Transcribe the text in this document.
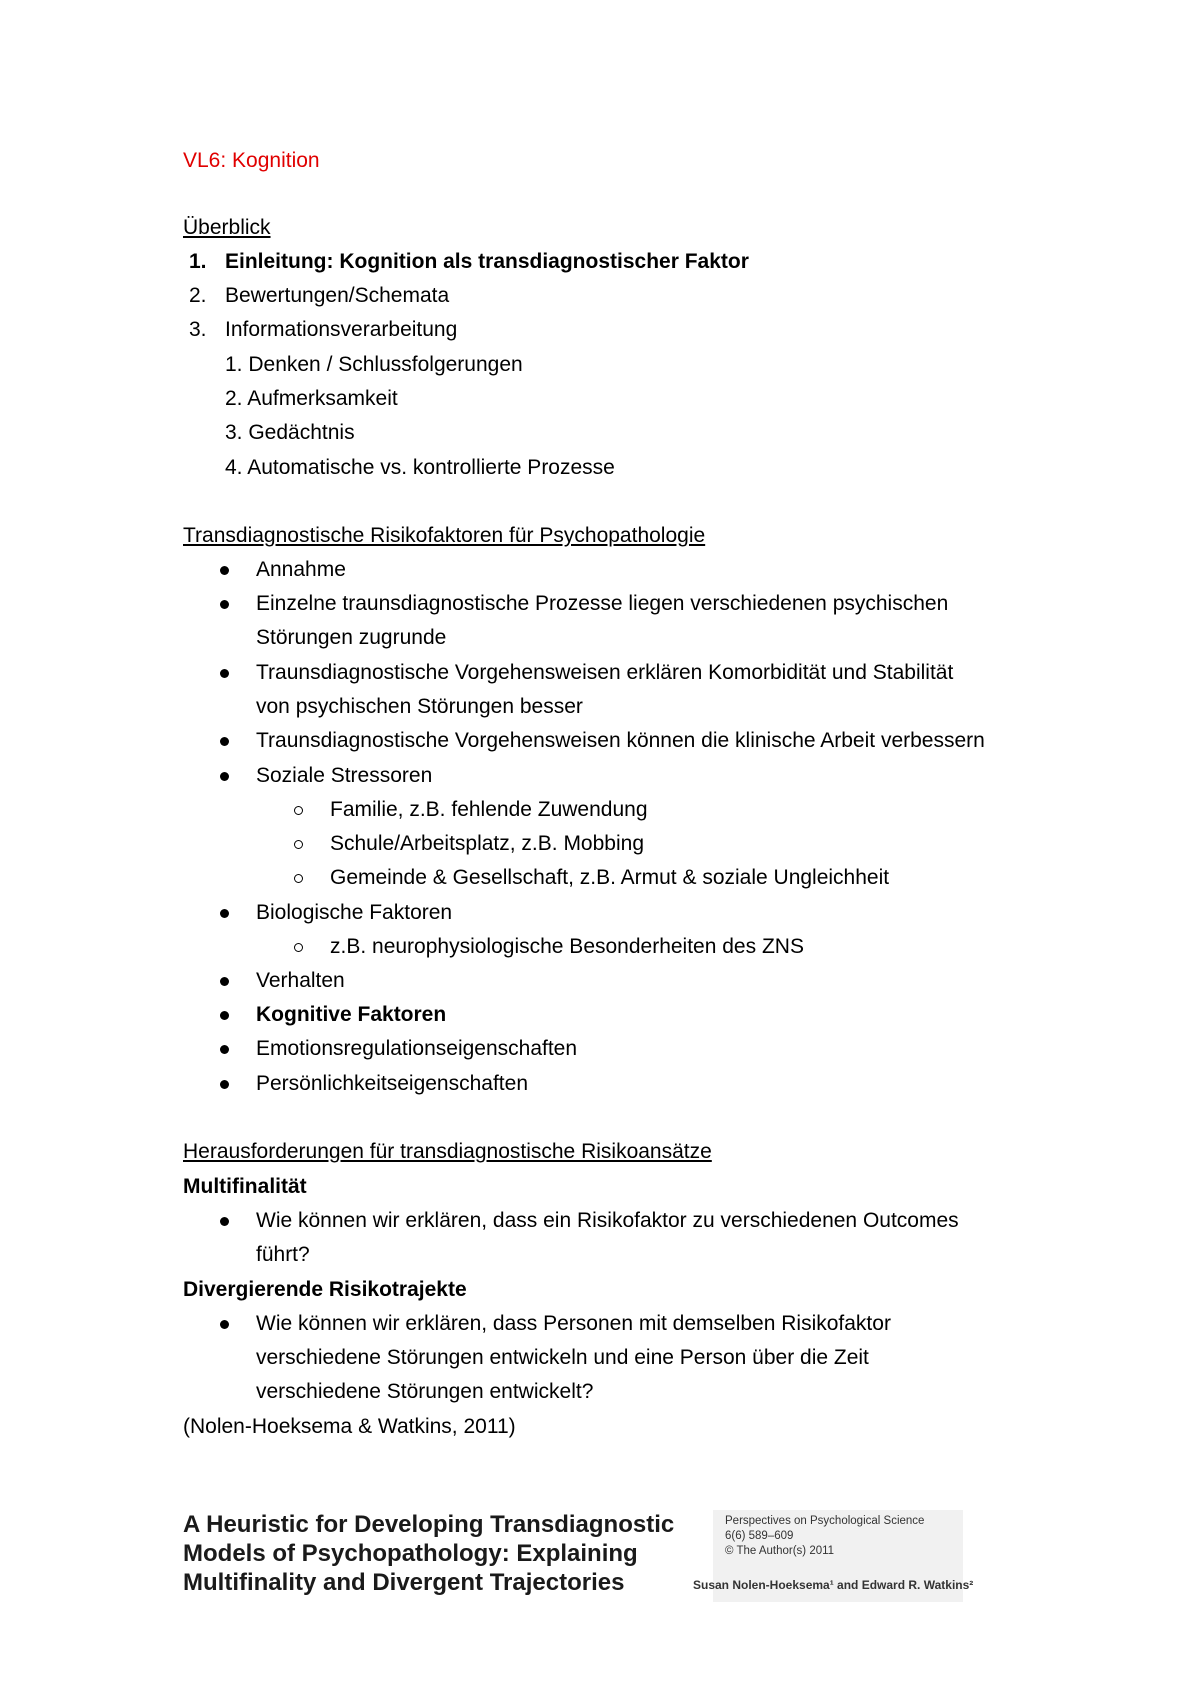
VL6: Kognition
Überblick
1. Einleitung: Kognition als transdiagnostischer Faktor
2. Bewertungen/Schemata
3. Informationsverarbeitung
1. Denken / Schlussfolgerungen
2. Aufmerksamkeit
3. Gedächtnis
4. Automatische vs. kontrollierte Prozesse
Transdiagnostische Risikofaktoren für Psychopathologie
Annahme
Einzelne traunsdiagnostische Prozesse liegen verschiedenen psychischen
Störungen zugrunde
Traunsdiagnostische Vorgehensweisen erklären Komorbidität und Stabilität
von psychischen Störungen besser
Traunsdiagnostische Vorgehensweisen können die klinische Arbeit verbessern
Soziale Stressoren
Familie, z.B. fehlende Zuwendung
Schule/Arbeitsplatz, z.B. Mobbing
Gemeinde & Gesellschaft, z.B. Armut & soziale Ungleichheit
Biologische Faktoren
z.B. neurophysiologische Besonderheiten des ZNS
Verhalten
Kognitive Faktoren
Emotionsregulationseigenschaften
Persönlichkeitseigenschaften
Herausforderungen für transdiagnostische Risikoansätze
Multifinalität
Wie können wir erklären, dass ein Risikofaktor zu verschiedenen Outcomes
führt?
Divergierende Risikotrajekte
Wie können wir erklären, dass Personen mit demselben Risikofaktor
verschiedene Störungen entwickeln und eine Person über die Zeit
verschiedene Störungen entwickelt?
(Nolen-Hoeksema & Watkins, 2011)
A Heuristic for Developing Transdiagnostic
Models of Psychopathology: Explaining
Multifinality and Divergent Trajectories
Perspectives on Psychological Science
6(6) 589–609
© The Author(s) 2011
Susan Nolen-Hoeksema¹ and Edward R. Watkins²
